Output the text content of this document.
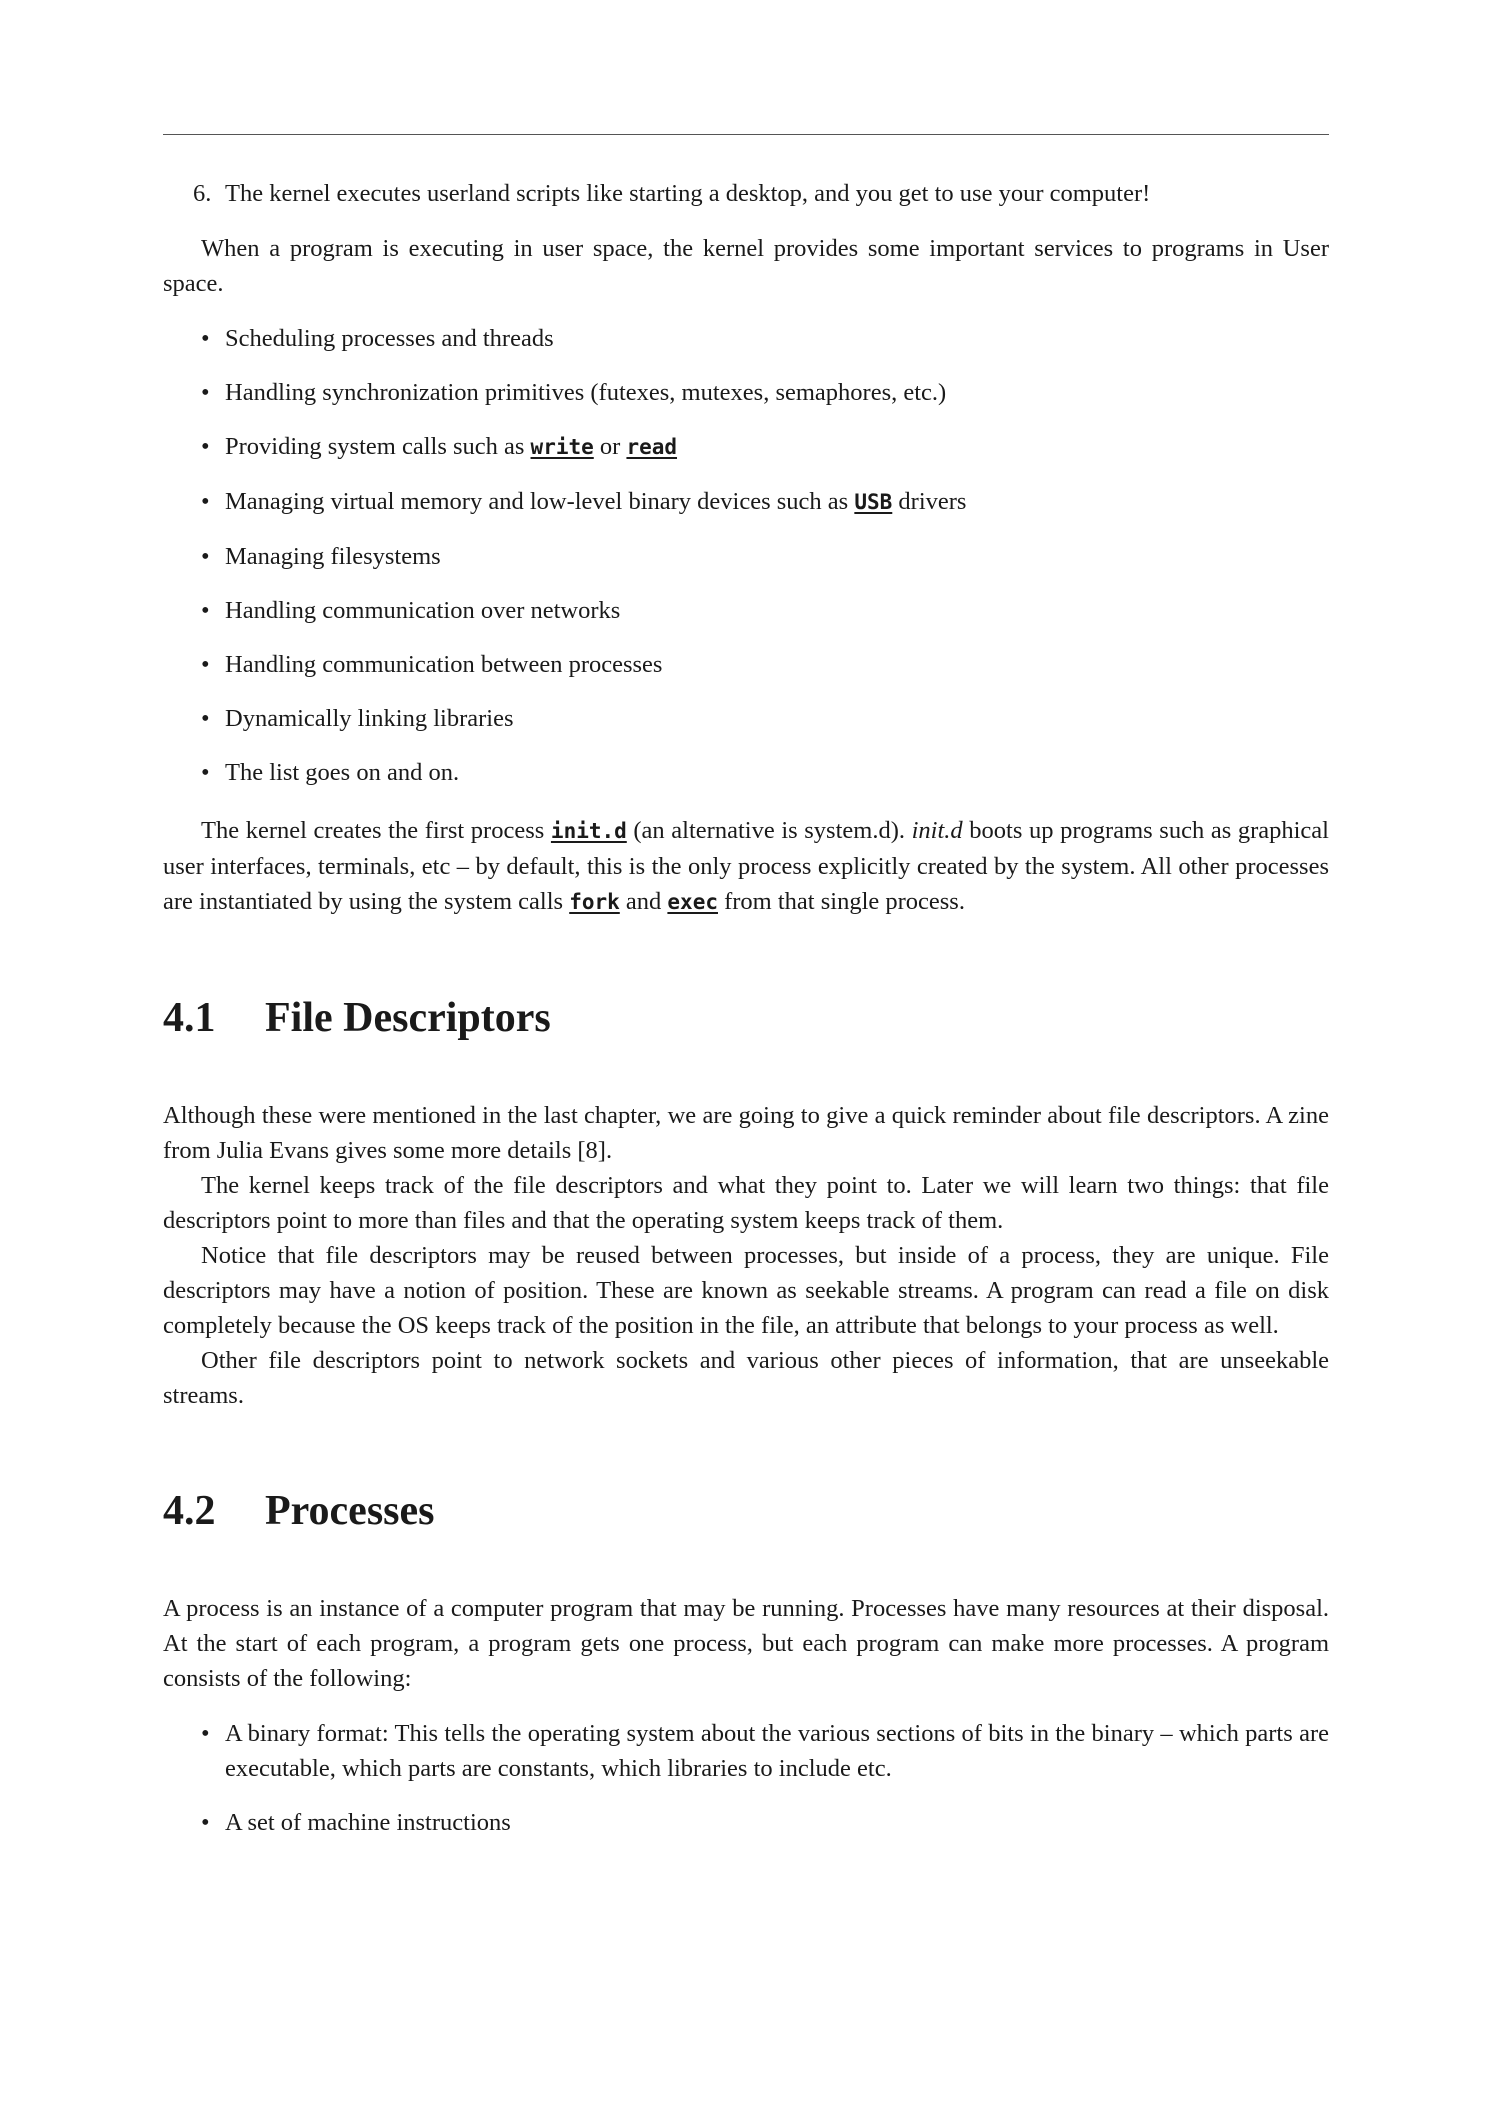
6. The kernel executes userland scripts like starting a desktop, and you get to use your computer!

When a program is executing in user space, the kernel provides some important services to programs in User space.

• Scheduling processes and threads
• Handling synchronization primitives (futexes, mutexes, semaphores, etc.)
• Providing system calls such as write or read
• Managing virtual memory and low-level binary devices such as USB drivers
• Managing filesystems
• Handling communication over networks
• Handling communication between processes
• Dynamically linking libraries
• The list goes on and on.

The kernel creates the first process init.d (an alternative is system.d). init.d boots up programs such as graphical user interfaces, terminals, etc – by default, this is the only process explicitly created by the system. All other processes are instantiated by using the system calls fork and exec from that single process.

4.1 File Descriptors

Although these were mentioned in the last chapter, we are going to give a quick reminder about file descriptors. A zine from Julia Evans gives some more details [8].

The kernel keeps track of the file descriptors and what they point to. Later we will learn two things: that file descriptors point to more than files and that the operating system keeps track of them.

Notice that file descriptors may be reused between processes, but inside of a process, they are unique. File descriptors may have a notion of position. These are known as seekable streams. A program can read a file on disk completely because the OS keeps track of the position in the file, an attribute that belongs to your process as well.

Other file descriptors point to network sockets and various other pieces of information, that are unseekable streams.

4.2 Processes

A process is an instance of a computer program that may be running. Processes have many resources at their disposal. At the start of each program, a program gets one process, but each program can make more processes. A program consists of the following:

• A binary format: This tells the operating system about the various sections of bits in the binary – which parts are executable, which parts are constants, which libraries to include etc.
• A set of machine instructions
